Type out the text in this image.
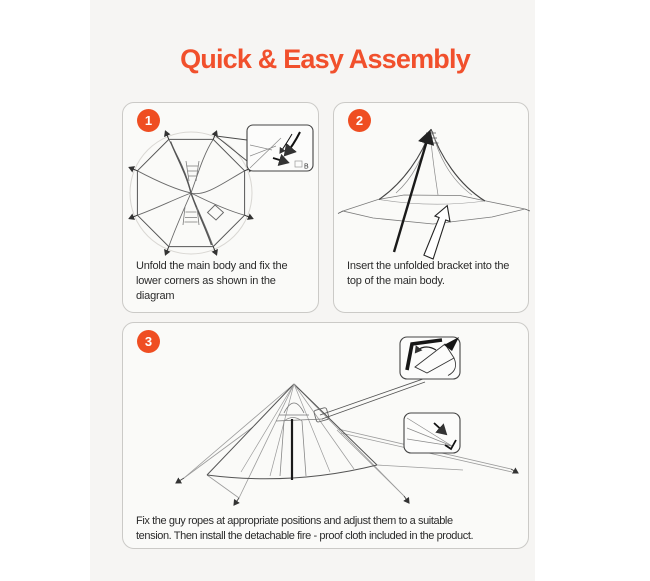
Quick & Easy Assembly
1
B

Unfold the main body and fix the
lower corners as shown in the
diagram

2

Insert the unfolded bracket into the
top of the main body.

3

Fix the guy ropes at appropriate positions and adjust them to a suitable
tension. Then install the detachable fire - proof cloth included in the product.
